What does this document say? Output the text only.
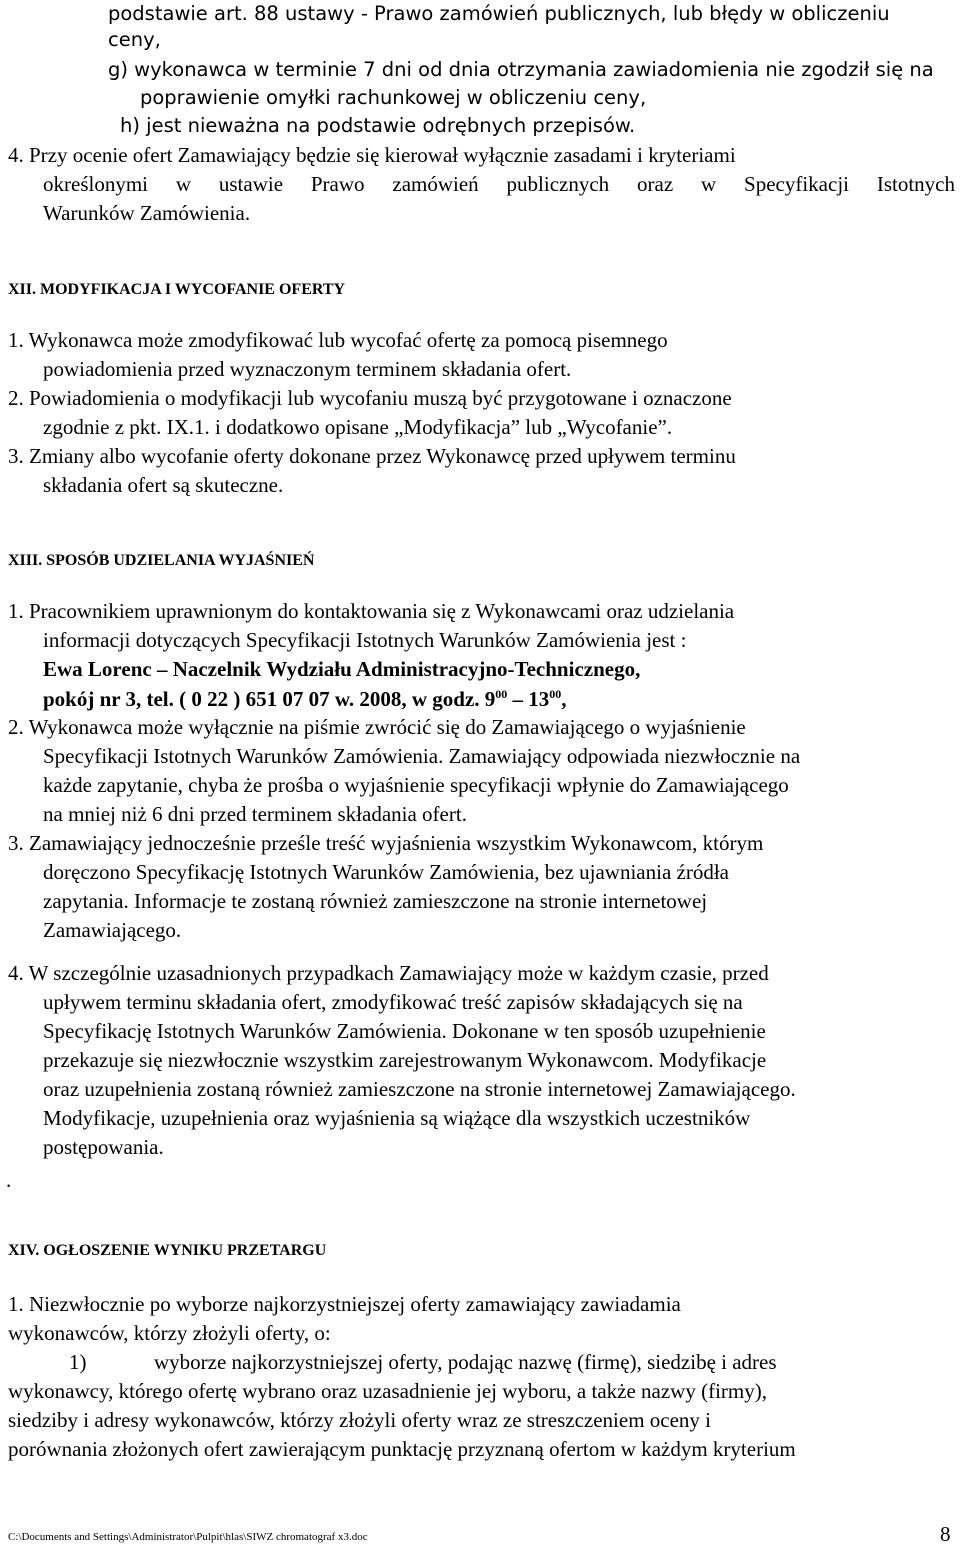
podstawie art. 88 ustawy - Prawo zamówień publicznych, lub błędy w obliczeniu
ceny,
g) wykonawca w terminie 7 dni od dnia otrzymania zawiadomienia nie zgodził się na
poprawienie omyłki rachunkowej w obliczeniu ceny,
h) jest nieważna na podstawie odrębnych przepisów.
4. Przy ocenie ofert Zamawiający będzie się kierował wyłącznie zasadami i kryteriami
określonymi w ustawie Prawo zamówień publicznych oraz w Specyfikacji Istotnych
Warunków Zamówienia.
XII. MODYFIKACJA I WYCOFANIE OFERTY
1. Wykonawca może zmodyfikować lub wycofać ofertę za pomocą pisemnego
powiadomienia przed wyznaczonym terminem składania ofert.
2. Powiadomienia o modyfikacji lub wycofaniu muszą być przygotowane i oznaczone
zgodnie z pkt. IX.1. i dodatkowo opisane „Modyfikacja” lub „Wycofanie”.
3. Zmiany albo wycofanie oferty dokonane przez Wykonawcę przed upływem terminu
składania ofert są skuteczne.
XIII. SPOSÓB UDZIELANIA WYJAŚNIEŃ
1. Pracownikiem uprawnionym do kontaktowania się z Wykonawcami oraz udzielania
informacji dotyczących Specyfikacji Istotnych Warunków Zamówienia jest :
Ewa Lorenc – Naczelnik Wydziału Administracyjno-Technicznego,
pokój nr 3, tel. ( 0 22 ) 651 07 07 w. 2008, w godz. $9^{00} - 13^{00}$,
2. Wykonawca może wyłącznie na piśmie zwrócić się do Zamawiającego o wyjaśnienie
Specyfikacji Istotnych Warunków Zamówienia. Zamawiający odpowiada niezwłocznie na
każde zapytanie, chyba że prośba o wyjaśnienie specyfikacji wpłynie do Zamawiającego
na mniej niż 6 dni przed terminem składania ofert.
3. Zamawiający jednocześnie prześle treść wyjaśnienia wszystkim Wykonawcom, którym
doręczono Specyfikację Istotnych Warunków Zamówienia, bez ujawniania źródła
zapytania. Informacje te zostaną również zamieszczone na stronie internetowej
Zamawiającego.
4. W szczególnie uzasadnionych przypadkach Zamawiający może w każdym czasie, przed
upływem terminu składania ofert, zmodyfikować treść zapisów składających się na
Specyfikację Istotnych Warunków Zamówienia. Dokonane w ten sposób uzupełnienie
przekazuje się niezwłocznie wszystkim zarejestrowanym Wykonawcom. Modyfikacje
oraz uzupełnienia zostaną również zamieszczone na stronie internetowej Zamawiającego.
Modyfikacje, uzupełnienia oraz wyjaśnienia są wiążące dla wszystkich uczestników
postępowania.
.
XIV. OGŁOSZENIE WYNIKU PRZETARGU
1. Niezwłocznie po wyborze najkorzystniejszej oferty zamawiający zawiadamia
wykonawców, którzy złożyli oferty, o:
1)	wyborze najkorzystniejszej oferty, podając nazwę (firmę), siedzibę i adres
wykonawcy, którego ofertę wybrano oraz uzasadnienie jej wyboru, a także nazwy (firmy),
siedziby i adresy wykonawców, którzy złożyli oferty wraz ze streszczeniem oceny i
porównania złożonych ofert zawierającym punktację przyznaną ofertom w każdym kryterium
C:\Documents and Settings\Administrator\Pulpit\hlas\SIWZ chromatograf x3.doc	8
